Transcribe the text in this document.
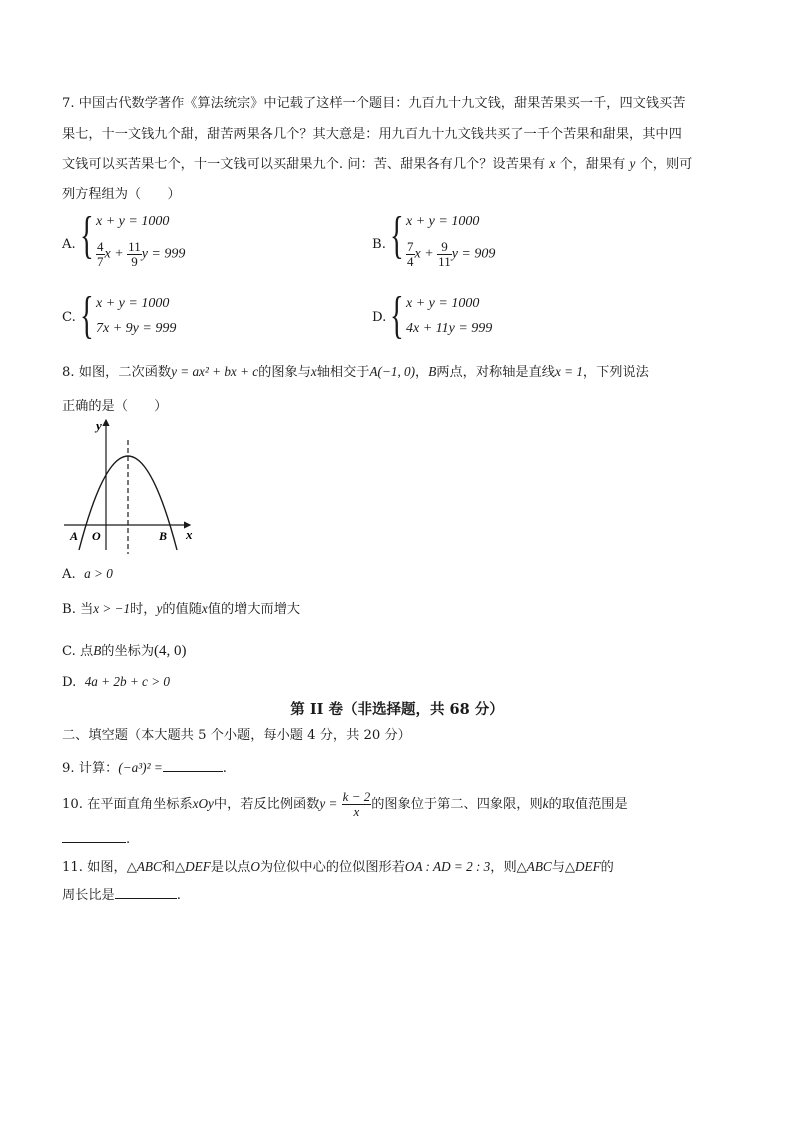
7. 中国古代数学著作《算法统宗》中记载了这样一个题目：九百九十九文钱，甜果苦果买一千，四文钱买苦
果七，十一文钱九个甜，甜苦两果各几个？其大意是：用九百九十九文钱共买了一千个苦果和甜果，其中四
文钱可以买苦果七个，十一文钱可以买甜果九个. 问：苦、甜果各有几个？设苦果有 x 个，甜果有 y 个，则可
列方程组为（　　）
A. { x + y = 1000
$\frac{4}{7}$ $x + \frac{11}{9}$ y = 999
B. { x + y = 1000
$\frac{7}{4}$ $x + \frac{9}{11}$ y = 909
C. { x + y = 1000
7x + 9y = 999
D. { x + y = 1000
4x + 11y = 999
8. 如图，二次函数y = ax² + bx + c的图象与x轴相交于A(−1, 0)，B两点，对称轴是直线x = 1，下列说法
正确的是（　　）
y
x
A O	B
A. a > 0
B. 当x > −1时，y的值随x值的增大而增大
C. 点B的坐标为(4, 0)
D. 4a + 2b + c > 0
第 II 卷（非选择题，共 68 分）
二、填空题（本大题共 5 个小题，每小题 4 分，共 20 分）
9. 计算：(−a³)² =	.
10. 在平面直角坐标系xOy中，若反比例函数$y = \frac{k - 2}{x}$ 的图象位于第二、四象限，则k的取值范围是
.
11. 如图，△ABC和△DEF是以点O为位似中心的位似图形若OA : AD = 2 : 3，则△ABC与△DEF的
周长比是	.
